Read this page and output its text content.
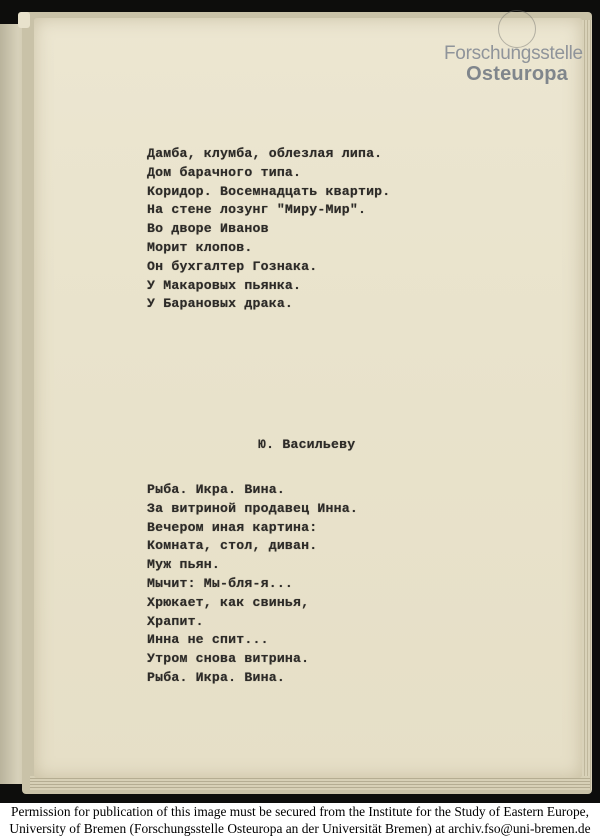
Forschungsstelle
Osteuropa
Дамба, клумба, облезлая липа.
Дом барачного типа.
Коридор. Восемнадцать квартир.
На стене лозунг "Миру-Мир".
Во дворе Иванов
Морит клопов.
Он бухгалтер Гознака.
У Макаровых пьянка.
У Барановых драка.
Ю. Васильеву
Рыба. Икра. Вина.
За витриной продавец Инна.
Вечером иная картина:
Комната, стол, диван.
Муж пьян.
Мычит: Мы-бля-я...
Хрюкает, как свинья,
Храпит.
Инна не спит...
Утром снова витрина.
Рыба. Икра. Вина.
Permission for publication of this image must be secured from the Institute for the Study of Eastern Europe,
University of Bremen (Forschungsstelle Osteuropa an der Universität Bremen) at archiv.fso@uni-bremen.de
